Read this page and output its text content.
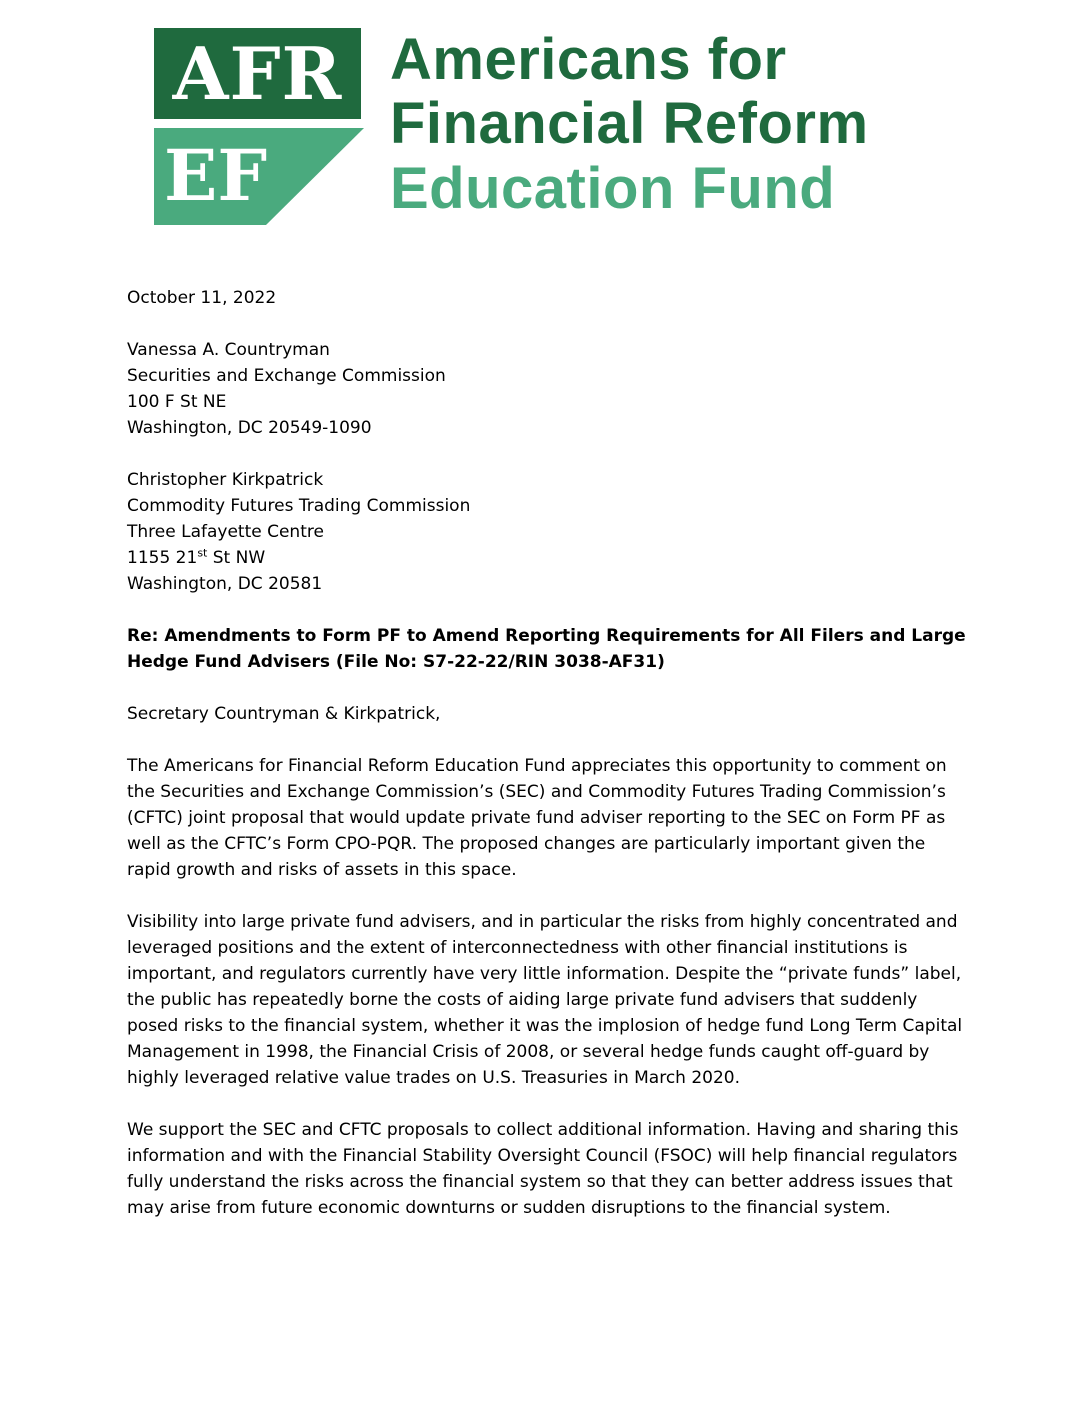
AFR
EF
Americans for
Financial Reform
Education Fund

October 11, 2022

Vanessa A. Countryman
Securities and Exchange Commission
100 F St NE
Washington, DC 20549-1090
Christopher Kirkpatrick
Commodity Futures Trading Commission
Three Lafayette Centre
1155 21st St NW
Washington, DC 20581

Re: Amendments to Form PF to Amend Reporting Requirements for All Filers and Large Hedge Fund Advisers (File No: S7-22-22/RIN 3038-AF31)

Secretary Countryman & Kirkpatrick,

The Americans for Financial Reform Education Fund appreciates this opportunity to comment on the Securities and Exchange Commission’s (SEC) and Commodity Futures Trading Commission’s (CFTC) joint proposal that would update private fund adviser reporting to the SEC on Form PF as well as the CFTC’s Form CPO-PQR. The proposed changes are particularly important given the rapid growth and risks of assets in this space.

Visibility into large private fund advisers, and in particular the risks from highly concentrated and leveraged positions and the extent of interconnectedness with other financial institutions is important, and regulators currently have very little information. Despite the “private funds” label, the public has repeatedly borne the costs of aiding large private fund advisers that suddenly posed risks to the financial system, whether it was the implosion of hedge fund Long Term Capital Management in 1998, the Financial Crisis of 2008, or several hedge funds caught off-guard by highly leveraged relative value trades on U.S. Treasuries in March 2020.

We support the SEC and CFTC proposals to collect additional information. Having and sharing this information and with the Financial Stability Oversight Council (FSOC) will help financial regulators fully understand the risks across the financial system so that they can better address issues that may arise from future economic downturns or sudden disruptions to the financial system.
